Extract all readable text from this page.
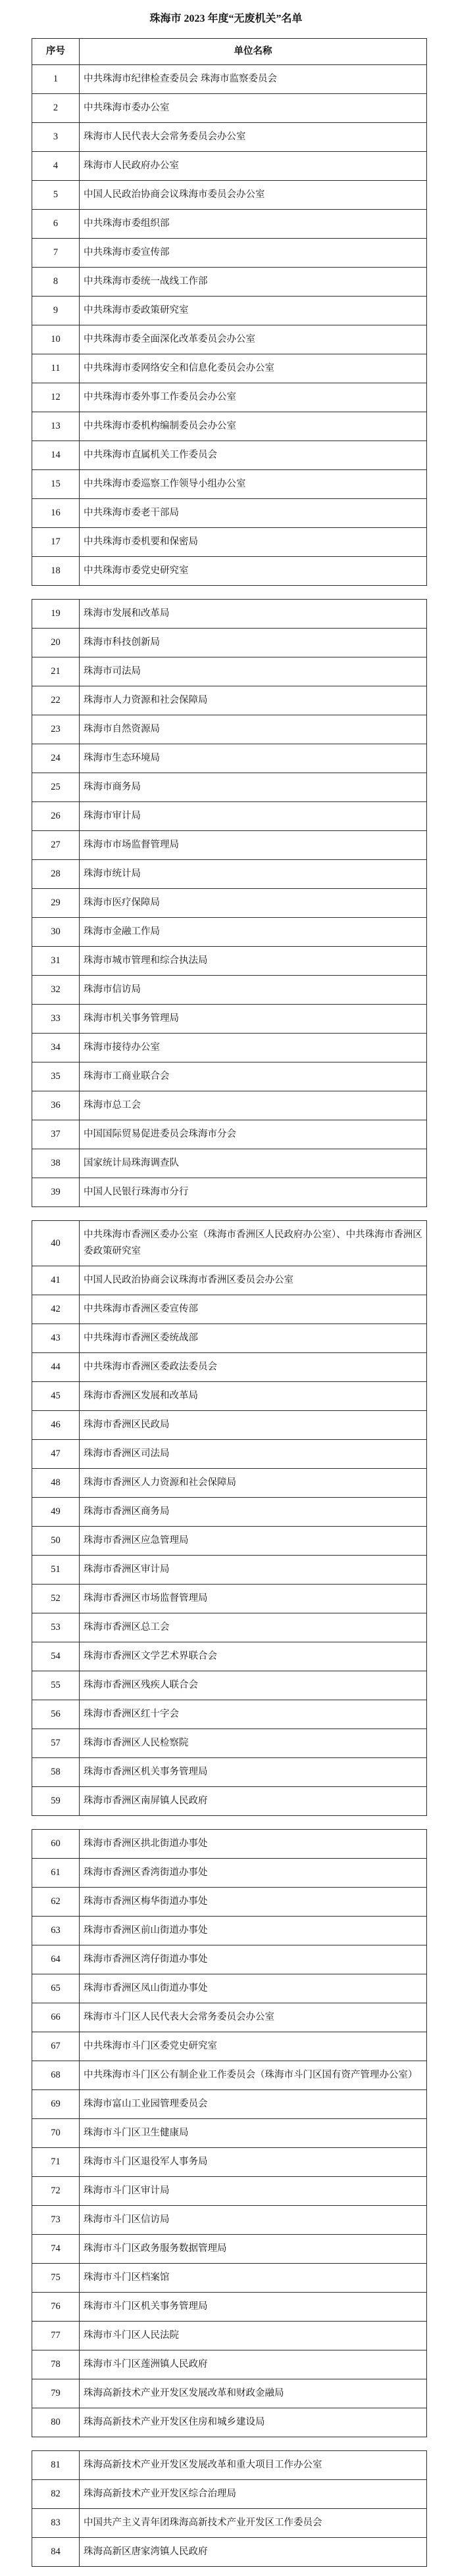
珠海市 2023 年度“无废机关”名单
序号	单位名称
1	中共珠海市纪律检查委员会 珠海市监察委员会
2	中共珠海市委办公室
3	珠海市人民代表大会常务委员会办公室
4	珠海市人民政府办公室
5	中国人民政治协商会议珠海市委员会办公室
6	中共珠海市委组织部
7	中共珠海市委宣传部
8	中共珠海市委统一战线工作部
9	中共珠海市委政策研究室
10	中共珠海市委全面深化改革委员会办公室
11	中共珠海市委网络安全和信息化委员会办公室
12	中共珠海市委外事工作委员会办公室
13	中共珠海市委机构编制委员会办公室
14	中共珠海市直属机关工作委员会
15	中共珠海市委巡察工作领导小组办公室
16	中共珠海市委老干部局
17	中共珠海市委机要和保密局
18	中共珠海市委党史研究室
19	珠海市发展和改革局
20	珠海市科技创新局
21	珠海市司法局
22	珠海市人力资源和社会保障局
23	珠海市自然资源局
24	珠海市生态环境局
25	珠海市商务局
26	珠海市审计局
27	珠海市市场监督管理局
28	珠海市统计局
29	珠海市医疗保障局
30	珠海市金融工作局
31	珠海市城市管理和综合执法局
32	珠海市信访局
33	珠海市机关事务管理局
34	珠海市接待办公室
35	珠海市工商业联合会
36	珠海市总工会
37	中国国际贸易促进委员会珠海市分会
38	国家统计局珠海调查队
39	中国人民银行珠海市分行
40	中共珠海市香洲区委办公室（珠海市香洲区人民政府办公室）、中共珠海市香洲区委政策研究室
41	中国人民政治协商会议珠海市香洲区委员会办公室
42	中共珠海市香洲区委宣传部
43	中共珠海市香洲区委统战部
44	中共珠海市香洲区委政法委员会
45	珠海市香洲区发展和改革局
46	珠海市香洲区民政局
47	珠海市香洲区司法局
48	珠海市香洲区人力资源和社会保障局
49	珠海市香洲区商务局
50	珠海市香洲区应急管理局
51	珠海市香洲区审计局
52	珠海市香洲区市场监督管理局
53	珠海市香洲区总工会
54	珠海市香洲区文学艺术界联合会
55	珠海市香洲区残疾人联合会
56	珠海市香洲区红十字会
57	珠海市香洲区人民检察院
58	珠海市香洲区机关事务管理局
59	珠海市香洲区南屏镇人民政府
60	珠海市香洲区拱北街道办事处
61	珠海市香洲区香湾街道办事处
62	珠海市香洲区梅华街道办事处
63	珠海市香洲区前山街道办事处
64	珠海市香洲区湾仔街道办事处
65	珠海市香洲区凤山街道办事处
66	珠海市斗门区人民代表大会常务委员会办公室
67	中共珠海市斗门区委党史研究室
68	中共珠海市斗门区公有制企业工作委员会（珠海市斗门区国有资产管理办公室）
69	珠海市富山工业园管理委员会
70	珠海市斗门区卫生健康局
71	珠海市斗门区退役军人事务局
72	珠海市斗门区审计局
73	珠海市斗门区信访局
74	珠海市斗门区政务服务数据管理局
75	珠海市斗门区档案馆
76	珠海市斗门区机关事务管理局
77	珠海市斗门区人民法院
78	珠海市斗门区莲洲镇人民政府
79	珠海高新技术产业开发区发展改革和财政金融局
80	珠海高新技术产业开发区住房和城乡建设局
81	珠海高新技术产业开发区发展改革和重大项目工作办公室
82	珠海高新技术产业开发区综合治理局
83	中国共产主义青年团珠海高新技术产业开发区工作委员会
84	珠海高新区唐家湾镇人民政府
